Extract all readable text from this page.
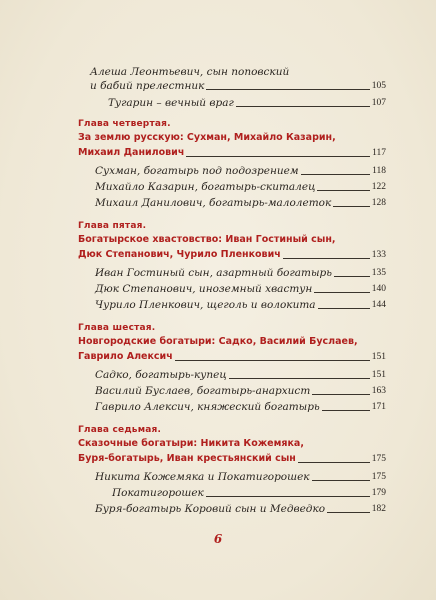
Алеша Леонтьевич, сын поповский
и бабий прелестник	105
Тугарин – вечный враг	107
Глава четвертая.
За землю русскую: Сухман, Михайло Казарин,
Михаил Данилович	117
Сухман, богатырь под подозрением	118
Михайло Казарин, богатырь-скиталец	122
Михаил Данилович, богатырь-малолеток	128
Глава пятая.
Богатырское хвастовство: Иван Гостиный сын,
Дюк Степанович, Чурило Пленкович	133
Иван Гостиный сын, азартный богатырь	135
Дюк Степанович, иноземный хвастун	140
Чурило Пленкович, щеголь и волокита	144
Глава шестая.
Новгородские богатыри: Садко, Василий Буслаев,
Гаврило Алексич	151
Садко, богатырь-купец	151
Василий Буслаев, богатырь-анархист	163
Гаврило Алексич, княжеский богатырь	171
Глава седьмая.
Сказочные богатыри: Никита Кожемяка,
Буря-богатырь, Иван крестьянский сын	175
Никита Кожемяка и Покатигорошек	175
Покатигорошек	179
Буря-богатырь Коровий сын и Медведко	182
6
